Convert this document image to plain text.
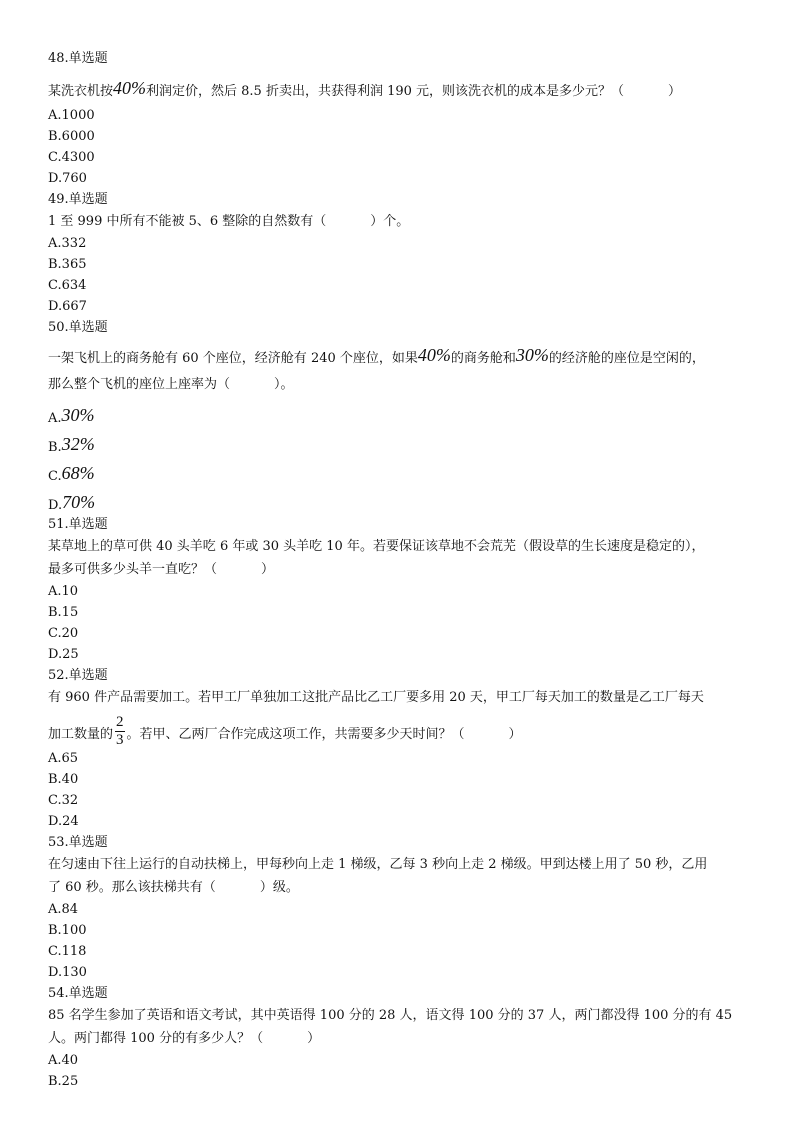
48.单选题
某洗衣机按40%利润定价，然后 8.5 折卖出，共获得利润 190 元，则该洗衣机的成本是多少元？（	）
A.1000
B.6000
C.4300
D.760
49.单选题
1 至 999 中所有不能被 5、6 整除的自然数有（	）个。
A.332
B.365
C.634
D.667
50.单选题
一架飞机上的商务舱有 60 个座位，经济舱有 240 个座位，如果40%的商务舱和30%的经济舱的座位是空闲的，
那么整个飞机的座位上座率为（	）。
A.30%
B.32%
C.68%
D.70%
51.单选题
某草地上的草可供 40 头羊吃 6 年或 30 头羊吃 10 年。若要保证该草地不会荒芜（假设草的生长速度是稳定的），
最多可供多少头羊一直吃？（	）
A.10
B.15
C.20
D.25
52.单选题
有 960 件产品需要加工。若甲工厂单独加工这批产品比乙工厂要多用 20 天，甲工厂每天加工的数量是乙工厂每天

加工数量的 $\frac{2}{3}$ 。若甲、乙两厂合作完成这项工作，共需要多少天时间？（	）
A.65
B.40
C.32
D.24
53.单选题
在匀速由下往上运行的自动扶梯上，甲每秒向上走 1 梯级，乙每 3 秒向上走 2 梯级。甲到达楼上用了 50 秒，乙用
了 60 秒。那么该扶梯共有（	）级。
A.84
B.100
C.118
D.130
54.单选题
85 名学生参加了英语和语文考试，其中英语得 100 分的 28 人，语文得 100 分的 37 人，两门都没得 100 分的有 45
人。两门都得 100 分的有多少人？（	）
A.40
B.25
